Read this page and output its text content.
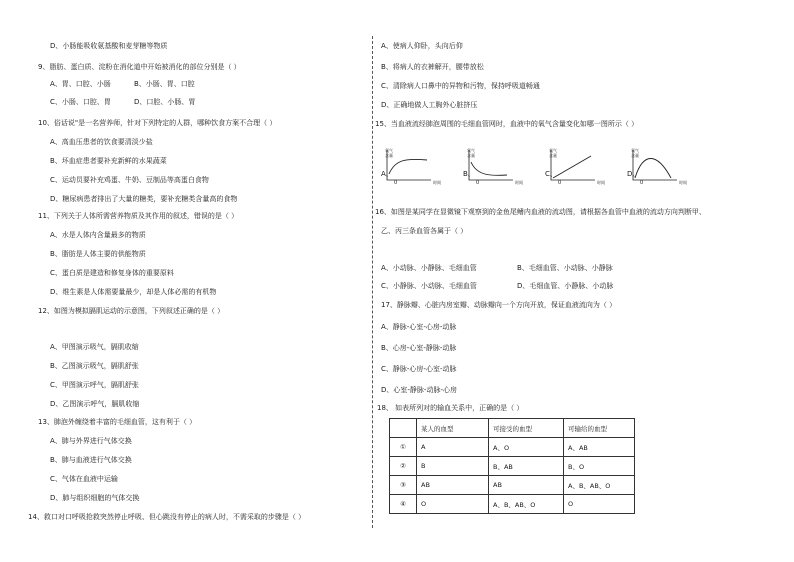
D、小肠能吸收氨基酸和麦芽糖等物质
9、脂肪、蛋白质、淀粉在消化道中开始被消化的部位分别是（ ）
A、胃、口腔、小肠	B、小肠、胃、口腔
C、小肠、口腔、胃	D、口腔、小肠、胃
10、俗话说"是一名营养师，针对下列特定的人群，哪种饮食方案不合理（ ）
A、高血压患者的饮食要清淡少盐
B、坏血症患者要补充新鲜的水果蔬菜
C、运动员要补充鸡蛋、牛奶、豆制品等高蛋白食物
D、糖尿病患者排出了大量的糖类，要补充糖类含量高的食物
11、下列关于人体所需营养物质及其作用的叙述，错误的是（ ）
A、水是人体内含量最多的物质
B、脂肪是人体主要的供能物质
C、蛋白质是建造和修复身体的重要原料
D、维生素是人体需要量最少，却是人体必需的有机物
12、如图为模拟膈肌运动的示意图，下列叙述正确的是（ ）
A、甲图演示吸气，膈肌收缩
B、乙图演示吸气，膈肌舒张
C、甲图演示呼气，膈肌舒张
D、乙图演示呼气，膈肌收缩
13、肺泡外缠绕着丰富的毛细血管，这有利于（ ）
A、肺与外界进行气体交换
B、肺与血液进行气体交换
C、气体在血液中运输
D、肺与组织细胞的气体交换
14、救口对口呼吸抢救突然停止呼吸、但心跳没有停止的病人时，不需采取的步骤是（ ）
A、使病人仰卧，头向后仰
B、将病人的衣裤解开，腰带放松
C、清除病人口鼻中的异物和污物，保持呼吸道畅通
D、正确地做人工胸外心脏挤压
15、当血液流经肺泡周围的毛细血管网时，血液中的氧气含量变化如哪一图所示（ ）
A、
0	时间
氧气含量
B、
0	时间
氧气含量
C、
0	时间
氧气含量
D、
0	时间
氧气含量
16、如图是某同学在显微镜下观察到的金鱼尾鳍内血液的流动图，请根据各血管中血液的流动方向判断甲、
乙、丙三条血管各属于（ ）
A、小动脉、小静脉、毛细血管	B、毛细血管、小动脉、小静脉
C、小静脉、小动脉、毛细血管	D、毛细血管、小静脉、小动脉
17、静脉瓣、心脏内房室瓣、动脉瓣向一个方向开放，保证血液流向为（ ）
A、静脉-心室-心房-动脉
B、心房-心室-静脉-动脉
C、静脉-心房-心室-动脉
D、心室-静脉-动脉-心房
18、 如表所列对的输血关系中，正确的是（ ）
	某人的血型	可接受的血型	可输给的血型
①	A	A、O	A、AB
②	B	B、AB	B、O
③	AB	AB	A、B、AB、O
④	O	A、B、AB、O	O
